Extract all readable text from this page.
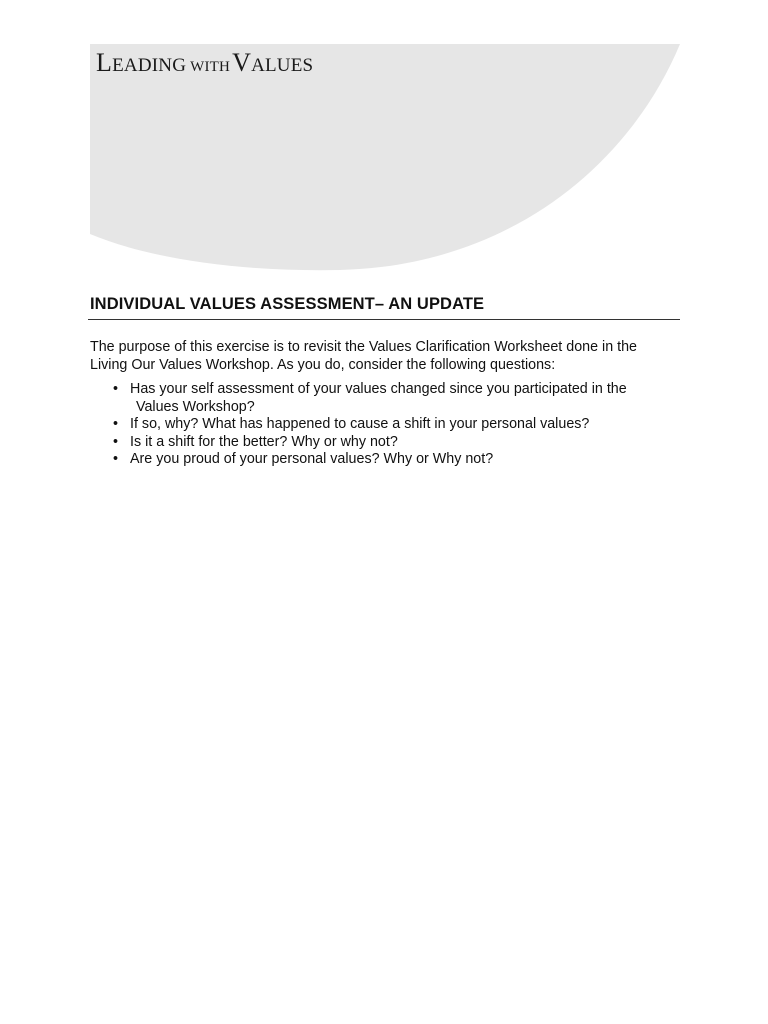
LEADING WITHVALUES
INDIVIDUAL VALUES ASSESSMENT– AN UPDATE

The purpose of this exercise is to revisit the Values Clarification Worksheet done in the
Living Our Values Workshop. As you do, consider the following questions:

• Has your self assessment of your values changed since you participated in the
Values Workshop?
• If so, why? What has happened to cause a shift in your personal values?
• Is it a shift for the better? Why or why not?
• Are you proud of your personal values? Why or Why not?
